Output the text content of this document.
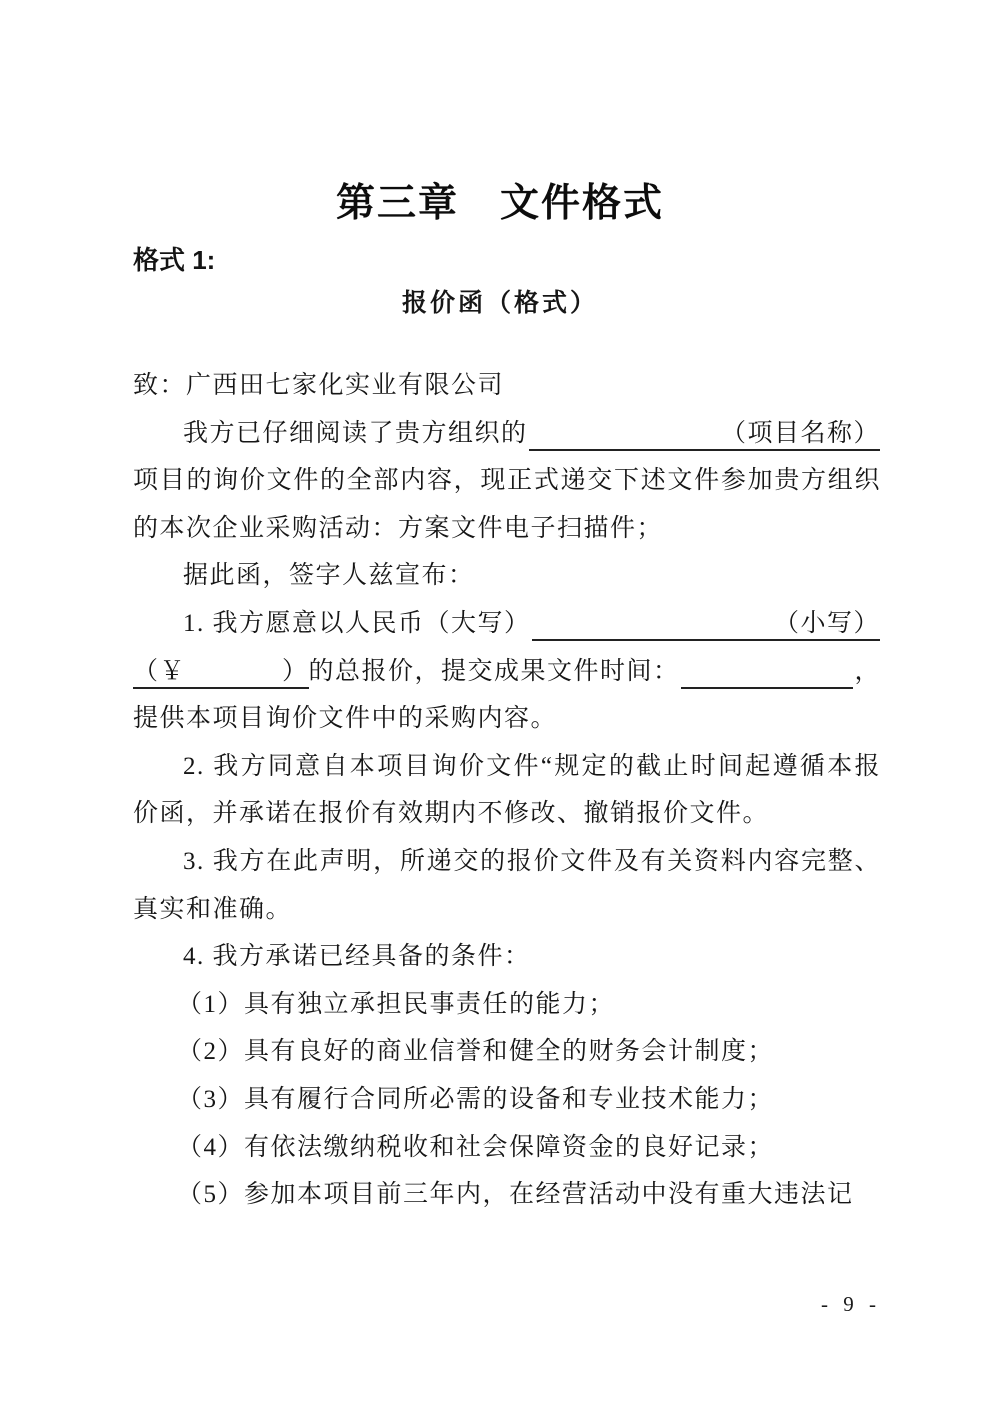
第三章　文件格式
格式 1:
报价函（格式）
致：广西田七家化实业有限公司
我方已仔细阅读了贵方组织的	​ （项目名称）
项目的询价文件的全部内容，现正式递交下述文件参加贵方组织的本次企业采购活动：方案文件电子扫描件；
据此函，签字人兹宣布：
1. 我方愿意以人民币（大写）	​ （小写）
（￥	） 的总报价，提交成果文件时间： ​	，
提供本项目询价文件中的采购内容。
2. 我方同意自本项目询价文件“规定的截止时间起遵循本报价函，并承诺在报价有效期内不修改、撤销报价文件。
3. 我方在此声明，所递交的报价文件及有关资料内容完整、真实和准确。
4. 我方承诺已经具备的条件：
（1）具有独立承担民事责任的能力；
（2）具有良好的商业信誉和健全的财务会计制度；
（3）具有履行合同所必需的设备和专业技术能力；
（4）有依法缴纳税收和社会保障资金的良好记录；
（5）参加本项目前三年内，在经营活动中没有重大违法记
- 9 -
